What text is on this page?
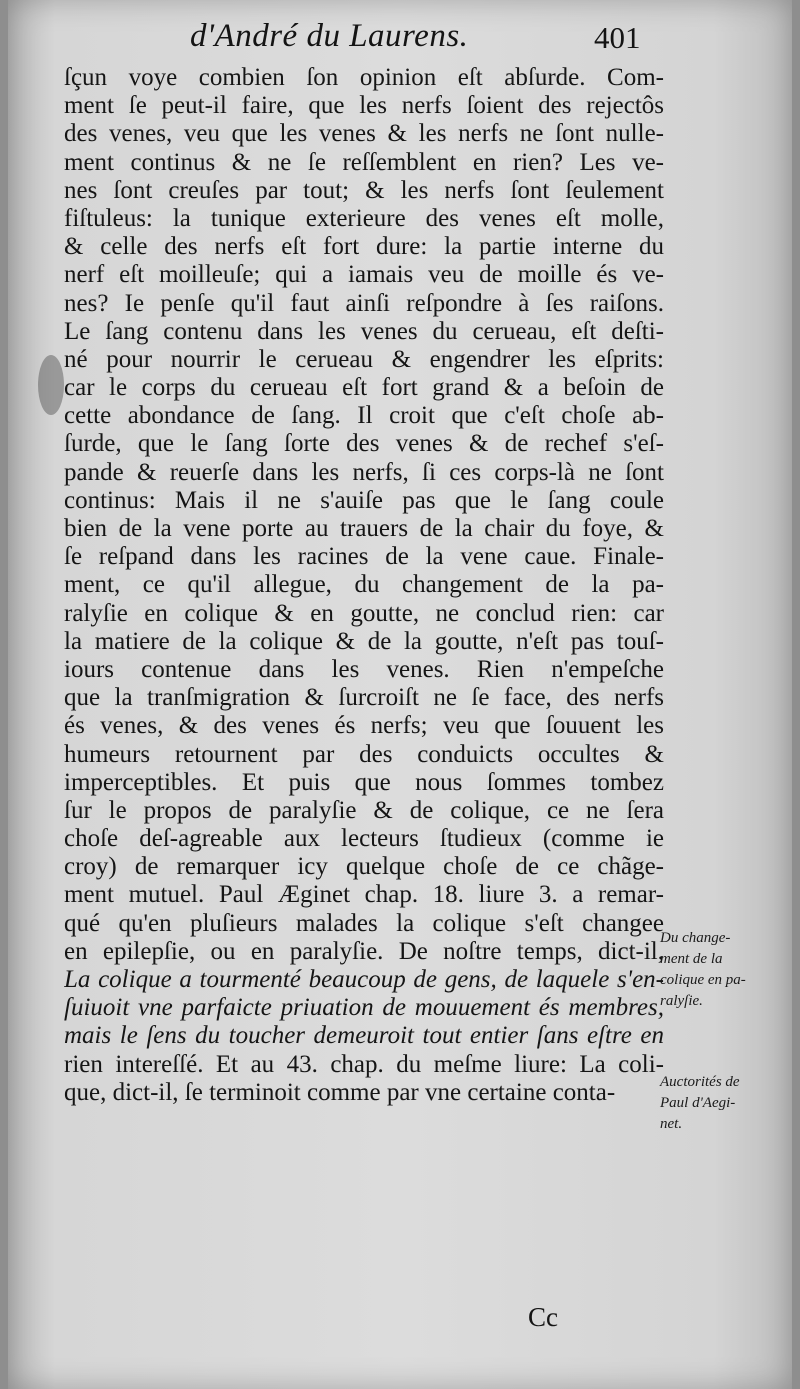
d'André du Laurens.	401
ſçun voye combien ſon opinion eſt abſurde. Com-
ment ſe peut-il faire, que les nerfs ſoient des rejectôs
des venes, veu que les venes & les nerfs ne ſont nulle-
ment continus & ne ſe reſſemblent en rien? Les ve-
nes ſont creuſes par tout; & les nerfs ſont ſeulement
fiſtuleus: la tunique exterieure des venes eſt molle,
& celle des nerfs eſt fort dure: la partie interne du
nerf eſt moilleuſe; qui a iamais veu de moille és ve-
nes? Ie penſe qu'il faut ainſi reſpondre à ſes raiſons.
Le ſang contenu dans les venes du cerueau, eſt deſti-
né pour nourrir le cerueau & engendrer les eſprits:
car le corps du cerueau eſt fort grand & a beſoin de
cette abondance de ſang. Il croit que c'eſt choſe ab-
ſurde, que le ſang ſorte des venes & de rechef s'eſ-
pande & reuerſe dans les nerfs, ſi ces corps-là ne ſont
continus: Mais il ne s'auiſe pas que le ſang coule
bien de la vene porte au trauers de la chair du foye, &
ſe reſpand dans les racines de la vene caue. Finale-
ment, ce qu'il allegue, du changement de la pa-
ralyſie en colique & en goutte, ne conclud rien: car
la matiere de la colique & de la goutte, n'eſt pas touſ-
iours contenue dans les venes. Rien n'empeſche
que la tranſmigration & ſurcroiſt ne ſe face, des nerfs
és venes, & des venes és nerfs; veu que ſouuent les
humeurs retournent par des conduicts occultes &
imperceptibles. Et puis que nous ſommes tombez
ſur le propos de paralyſie & de colique, ce ne ſera
choſe deſ-agreable aux lecteurs ſtudieux (comme ie
croy) de remarquer icy quelque choſe de ce chãge-
ment mutuel. Paul Æginet chap. 18. liure 3. a remar-
qué qu'en pluſieurs malades la colique s'eſt changee
en epilepſie, ou en paralyſie. De noſtre temps, dict-il,
La colique a tourmenté beaucoup de gens, de laquele s'en-
ſuiuoit vne parfaicte priuation de mouuement és membres,
mais le ſens du toucher demeuroit tout entier ſans eſtre en
rien intereſſé. Et au 43. chap. du meſme liure: La coli-
que, dict-il, ſe terminoit comme par vne certaine conta-
Du change-
ment de la
colique en pa-
ralyſie.
Auctorités de
Paul d'Aegi-
net.
Cc
